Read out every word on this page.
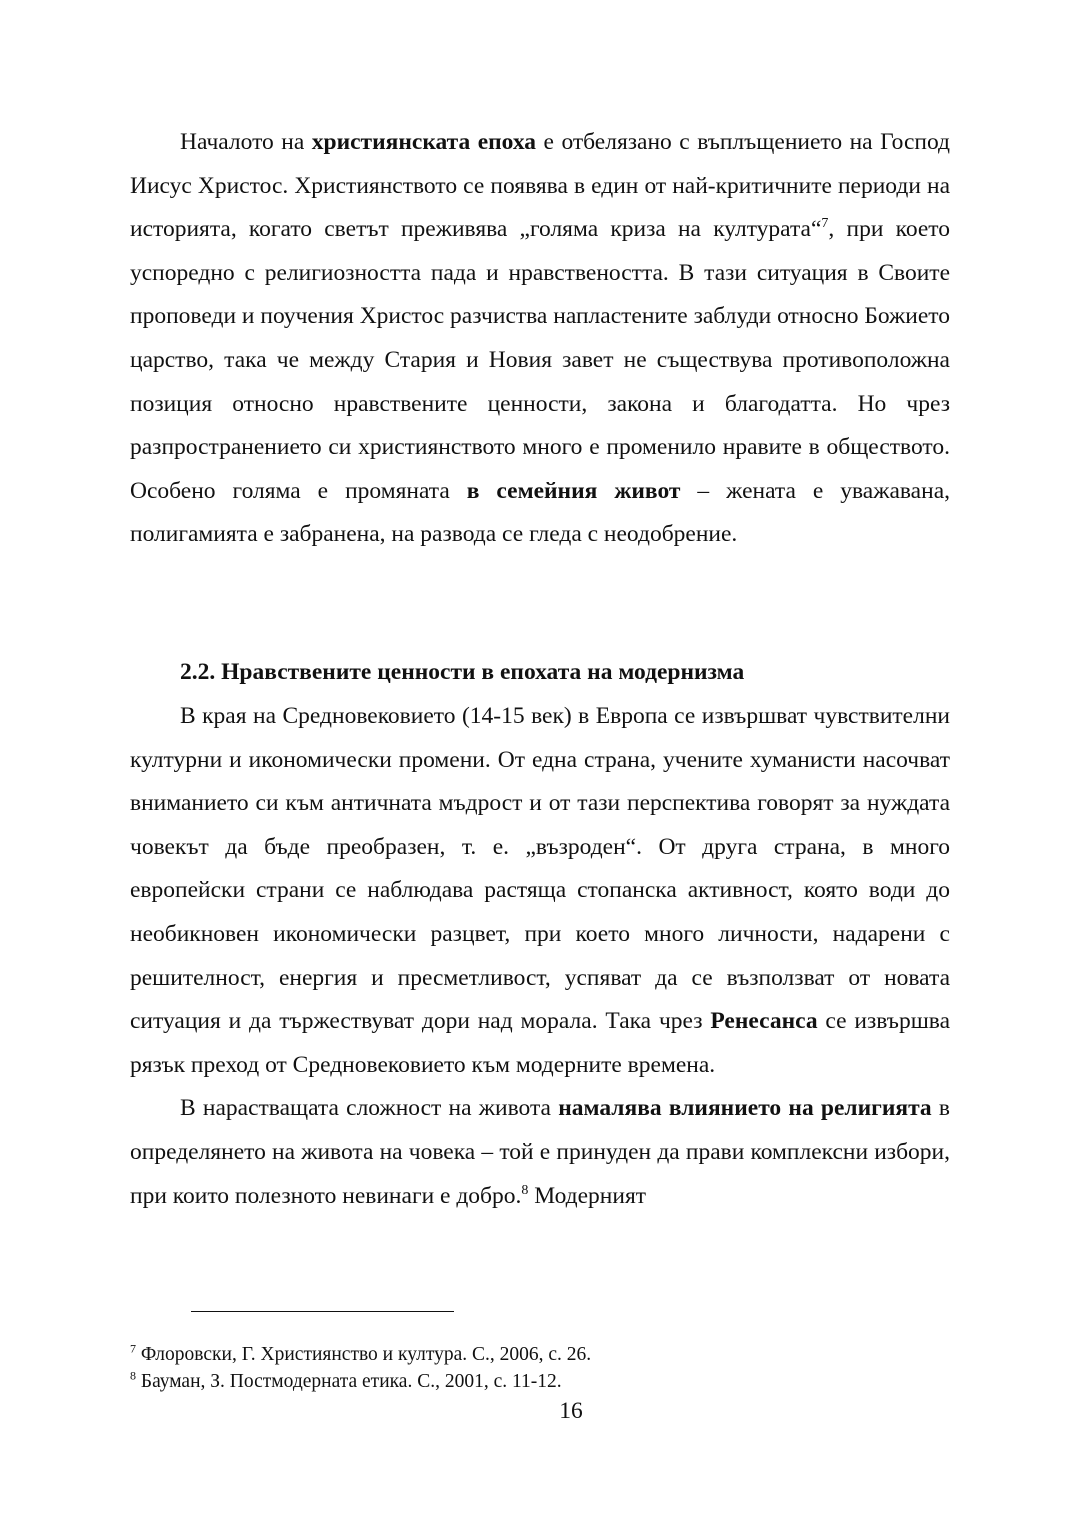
Началото на християнската епоха е отбелязано с въплъщението на Господ Иисус Христос. Християнството се появява в един от най-критичните периоди на историята, когато светът преживява „голяма криза на културата“$^7$, при което успоредно с религиозността пада и нравствеността. В тази ситуация в Своите проповеди и поучения Христос разчиства напластените заблуди относно Божието царство, така че между Стария и Новия завет не съществува противоположна позиция относно нравствените ценности, закона и благодатта. Но чрез разпространението си християнството много е променило нравите в обществото. Особено голяма е промяната в семейния живот – жената е уважавана, полигамията е забранена, на развода се гледа с неодобрение.

2.2. Нравствените ценности в епохата на модернизма

В края на Средновековието (14-15 век) в Европа се извършват чувствителни културни и икономически промени. От една страна, учените хуманисти насочват вниманието си към античната мъдрост и от тази перспектива говорят за нуждата човекът да бъде преобразен, т. е. „възроден“. От друга страна, в много европейски страни се наблюдава растяща стопанска активност, която води до необикновен икономически разцвет, при което много личности, надарени с решителност, енергия и пресметливост, успяват да се възползват от новата ситуация и да тържествуват дори над морала. Така чрез Ренесанса се извършва рязък преход от Средновековието към модерните времена.

В нарастващата сложност на живота намалява влиянието на религията в определянето на живота на човека – той е принуден да прави комплексни избори, при които полезното невинаги е добро.$^8$ Модерният

$^7$ Флоровски, Г. Християнство и култура. С., 2006, с. 26.
$^8$ Бауман, З. Постмодерната етика. С., 2001, с. 11-12.
16
